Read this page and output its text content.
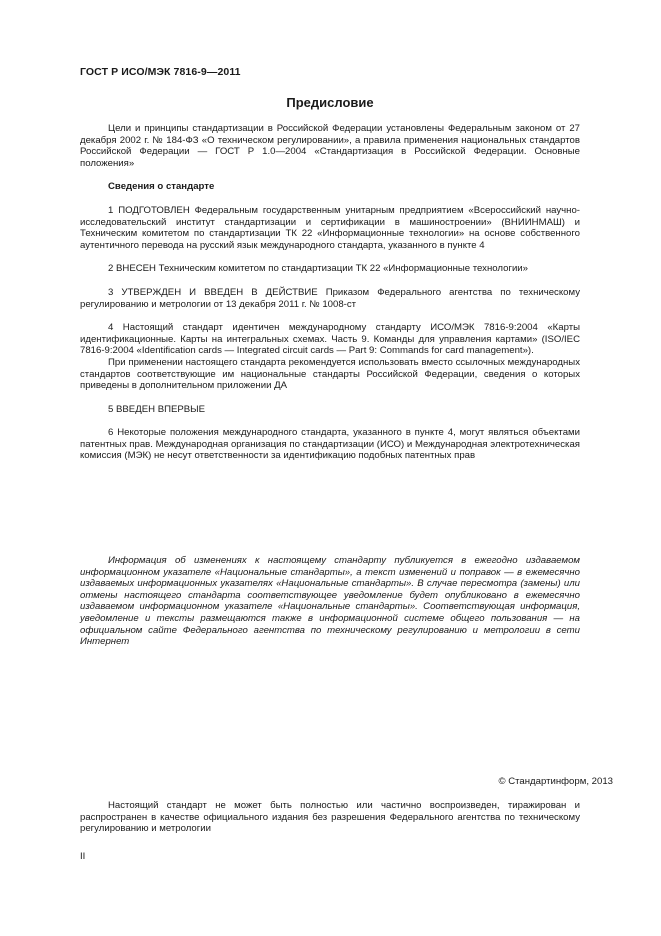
ГОСТ Р ИСО/МЭК 7816-9—2011
Предисловие

Цели и принципы стандартизации в Российской Федерации установлены Федеральным законом от 27 декабря 2002 г. № 184-ФЗ «О техническом регулировании», а правила применения национальных стандартов Российской Федерации — ГОСТ Р 1.0—2004 «Стандартизация в Российской Федерации. Основные положения»

Сведения о стандарте

1 ПОДГОТОВЛЕН Федеральным государственным унитарным предприятием «Всероссийский научно-исследовательский институт стандартизации и сертификации в машиностроении» (ВНИИНМАШ) и Техническим комитетом по стандартизации ТК 22 «Информационные технологии» на основе собственного аутентичного перевода на русский язык международного стандарта, указанного в пункте 4

2 ВНЕСЕН Техническим комитетом по стандартизации ТК 22 «Информационные технологии»

3 УТВЕРЖДЕН И ВВЕДЕН В ДЕЙСТВИЕ Приказом Федерального агентства по техническому регулированию и метрологии от 13 декабря 2011 г. № 1008-ст

4 Настоящий стандарт идентичен международному стандарту ИСО/МЭК 7816-9:2004 «Карты идентификационные. Карты на интегральных схемах. Часть 9. Команды для управления картами» (ISO/IEC 7816-9:2004 «Identification cards — Integrated circuit cards — Part 9: Commands for card management»).

При применении настоящего стандарта рекомендуется использовать вместо ссылочных международных стандартов соответствующие им национальные стандарты Российской Федерации, сведения о которых приведены в дополнительном приложении ДА

5 ВВЕДЕН ВПЕРВЫЕ

6 Некоторые положения международного стандарта, указанного в пункте 4, могут являться объектами патентных прав. Международная организация по стандартизации (ИСО) и Международная электротехническая комиссия (МЭК) не несут ответственности за идентификацию подобных патентных прав

Информация об изменениях к настоящему стандарту публикуется в ежегодно издаваемом информационном указателе «Национальные стандарты», а текст изменений и поправок — в ежемесячно издаваемых информационных указателях «Национальные стандарты». В случае пересмотра (замены) или отмены настоящего стандарта соответствующее уведомление будет опубликовано в ежемесячно издаваемом информационном указателе «Национальные стандарты». Соответствующая информация, уведомление и тексты размещаются также в информационной системе общего пользования — на официальном сайте Федерального агентства по техническому регулированию и метрологии в сети Интернет

© Стандартинформ, 2013

Настоящий стандарт не может быть полностью или частично воспроизведен, тиражирован и распространен в качестве официального издания без разрешения Федерального агентства по техническому регулированию и метрологии

II
